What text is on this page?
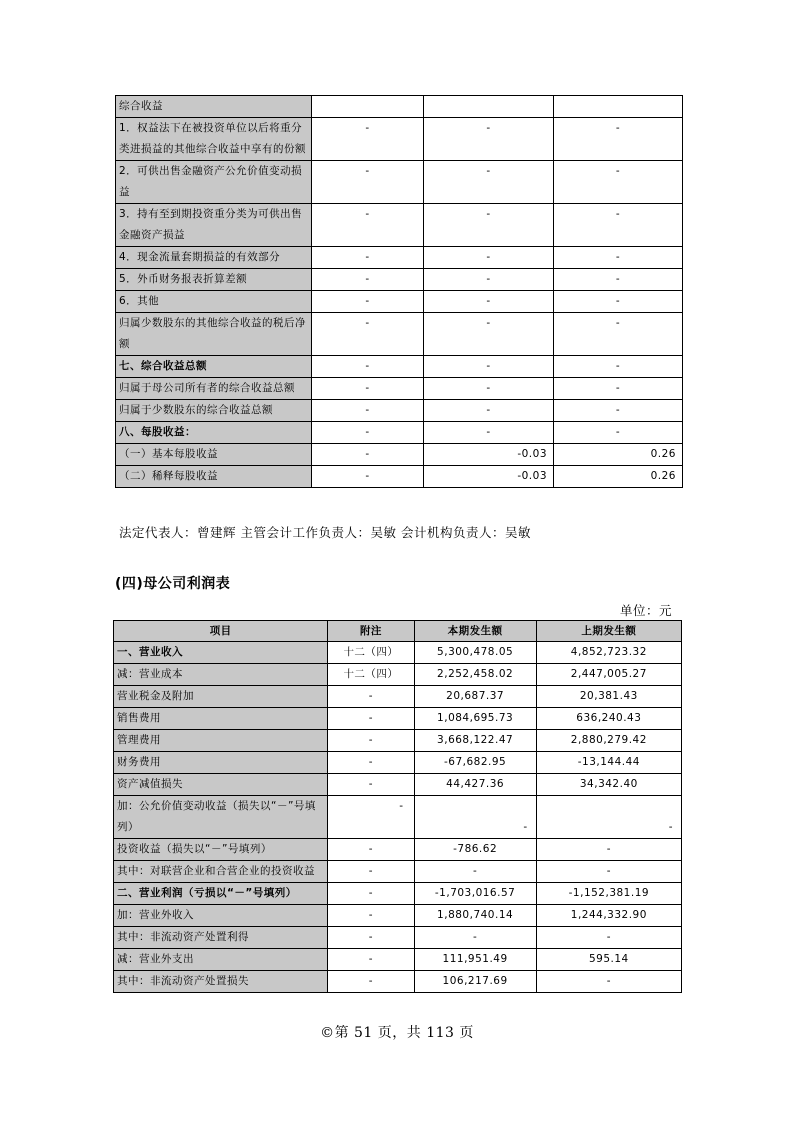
综合收益			
1．权益法下在被投资单位以后将重分类进损益的其他综合收益中享有的份额	-	-	-
2．可供出售金融资产公允价值变动损益	-	-	-
3．持有至到期投资重分类为可供出售金融资产损益	-	-	-
4．现金流量套期损益的有效部分	-	-	-
5．外币财务报表折算差额	-	-	-
6．其他	-	-	-
归属少数股东的其他综合收益的税后净额	-	-	-
七、综合收益总额	-	-	-
归属于母公司所有者的综合收益总额	-	-	-
归属于少数股东的综合收益总额	-	-	-
八、每股收益：	-	-	-
（一）基本每股收益	-	-0.03	0.26
（二）稀释每股收益	-	-0.03	0.26
法定代表人：曾建辉 主管会计工作负责人：吴敏 会计机构负责人：吴敏
(四)母公司利润表
单位：元
项目	附注	本期发生额	上期发生额
一、营业收入	十二（四）	5,300,478.05	4,852,723.32
减：营业成本	十二（四）	2,252,458.02	2,447,005.27
营业税金及附加	-	20,687.37	20,381.43
销售费用	-	1,084,695.73	636,240.43
管理费用	-	3,668,122.47	2,880,279.42
财务费用	-	-67,682.95	-13,144.44
资产减值损失	-	44,427.36	34,342.40
加：公允价值变动收益（损失以“－”号填列）	-	-	-
投资收益（损失以“－”号填列）	-	-786.62	-
其中：对联营企业和合营企业的投资收益	-	-	-
二、营业利润（亏损以“－”号填列）	-	-1,703,016.57	-1,152,381.19
加：营业外收入	-	1,880,740.14	1,244,332.90
其中：非流动资产处置利得	-	-	-
减：营业外支出	-	111,951.49	595.14
其中：非流动资产处置损失	-	106,217.69	-
©第 51 页，共 113 页
